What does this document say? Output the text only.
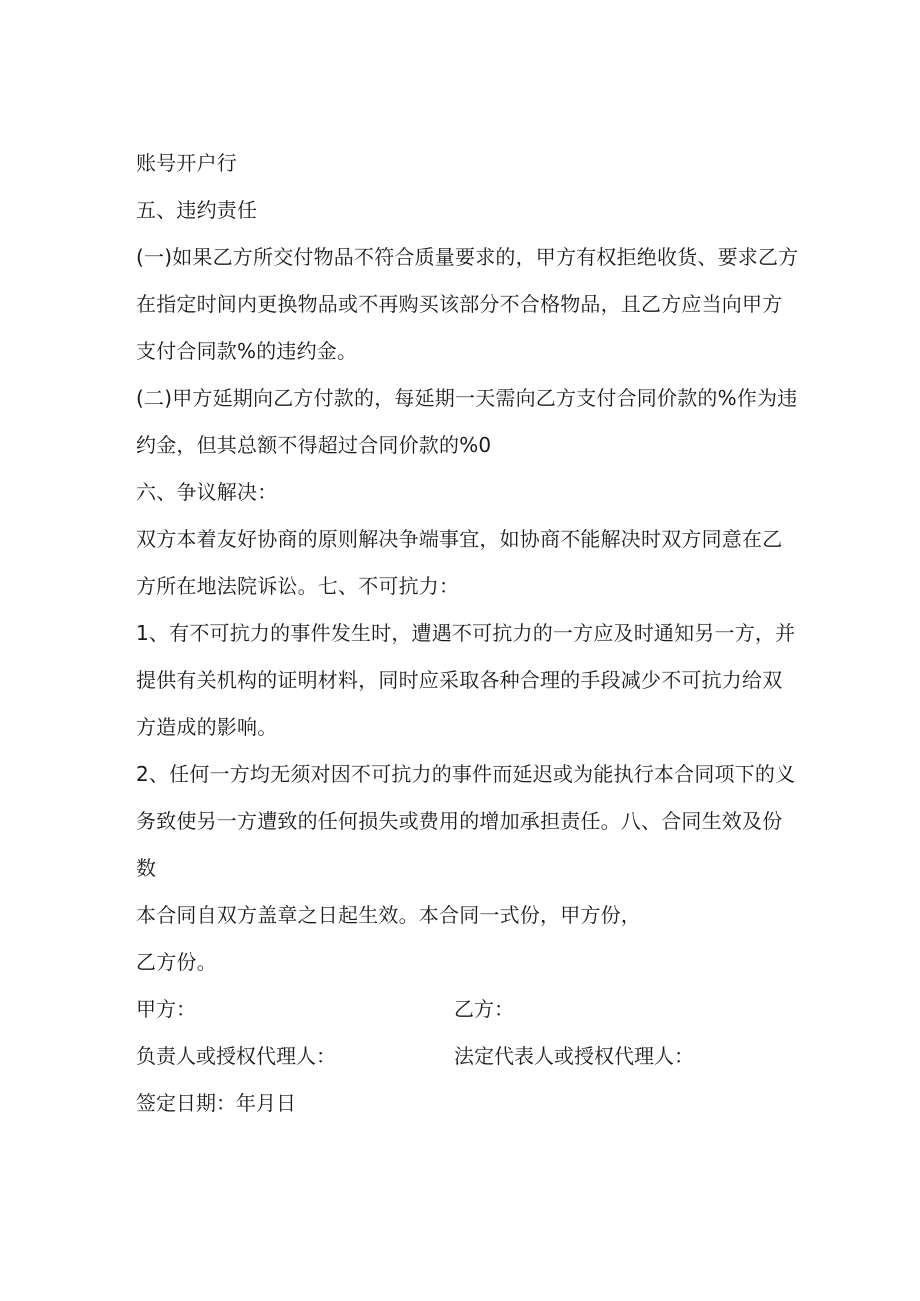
账号开户行
五、违约责任
(一)如果乙方所交付物品不符合质量要求的，甲方有权拒绝收货、要求乙方
在指定时间内更换物品或不再购买该部分不合格物品，且乙方应当向甲方
支付合同款%的违约金。
(二)甲方延期向乙方付款的，每延期一天需向乙方支付合同价款的%作为违
约金，但其总额不得超过合同价款的%0
六、争议解决：
双方本着友好协商的原则解决争端事宜，如协商不能解决时双方同意在乙
方所在地法院诉讼。七、不可抗力：
1、有不可抗力的事件发生时，遭遇不可抗力的一方应及时通知另一方，并
提供有关机构的证明材料，同时应采取各种合理的手段减少不可抗力给双
方造成的影响。
2、任何一方均无须对因不可抗力的事件而延迟或为能执行本合同项下的义
务致使另一方遭致的任何损失或费用的增加承担责任。八、合同生效及份
数
本合同自双方盖章之日起生效。本合同一式份，甲方份，
乙方份。
甲方：	乙方：
负责人或授权代理人：	法定代表人或授权代理人：
签定日期：年月日
